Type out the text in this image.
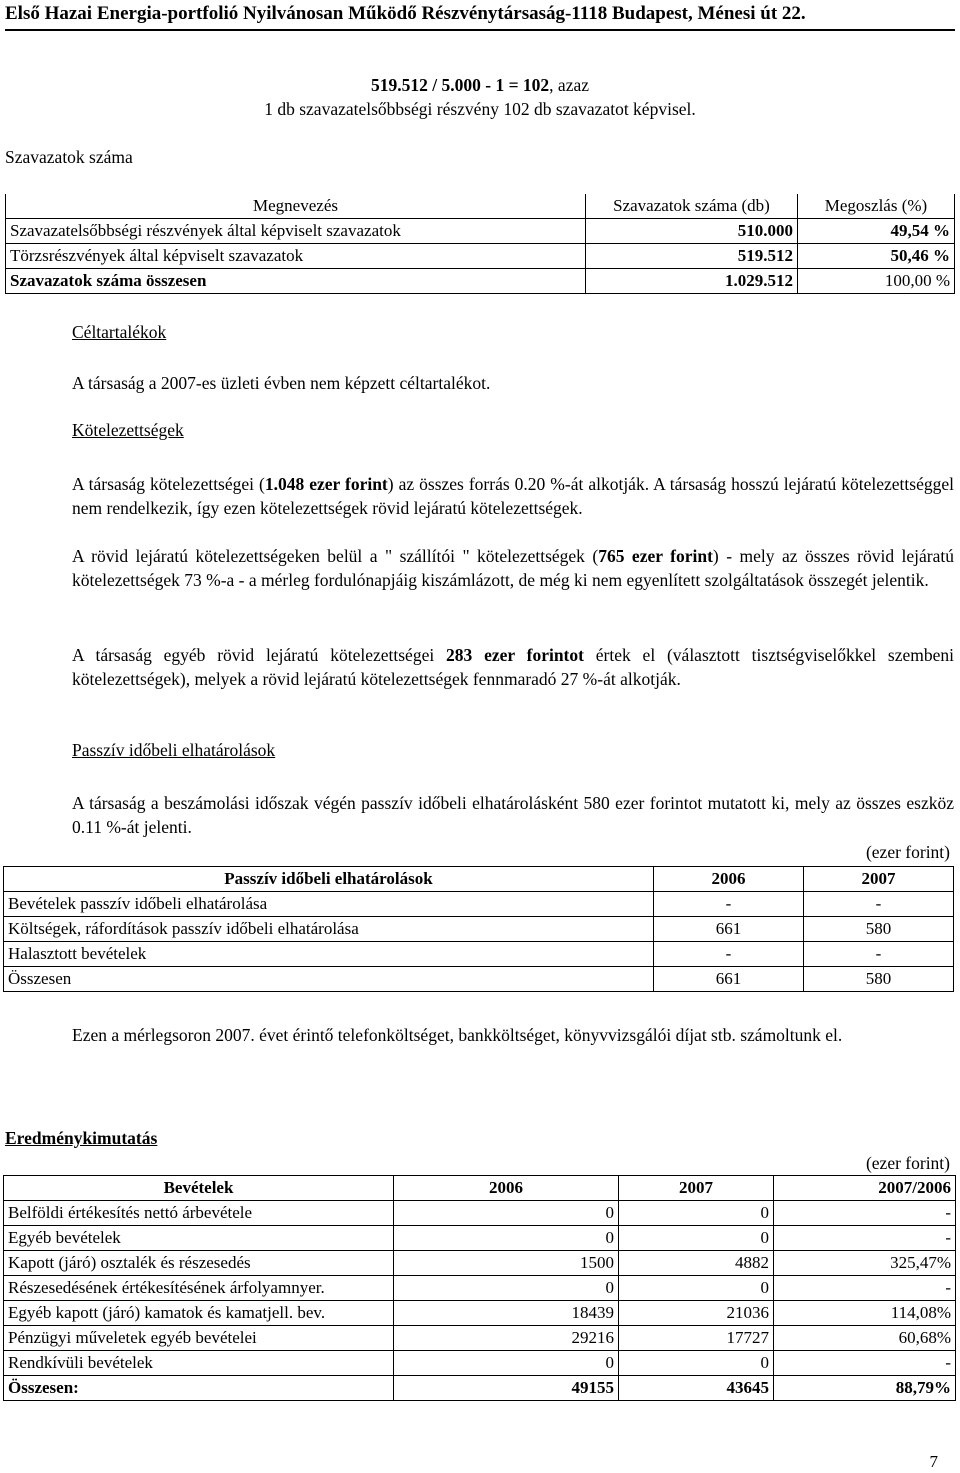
Első Hazai Energia-portfolió Nyilvánosan Működő Részvénytársaság-1118 Budapest, Ménesi út 22.
519.512 / 5.000 - 1 = 102, azaz
1 db szavazatelsőbbségi részvény 102 db szavazatot képvisel.
Szavazatok száma
Megnevezés	Szavazatok száma (db)	Megoszlás (%)
Szavazatelsőbbségi részvények által képviselt szavazatok	510.000	49,54 %
Törzsrészvények által képviselt szavazatok	519.512	50,46 %
Szavazatok száma összesen	1.029.512	100,00 %
Céltartalékok
A társaság a 2007-es üzleti évben nem képzett céltartalékot.
Kötelezettségek
A társaság kötelezettségei (1.048 ezer forint) az összes forrás 0.20 %-át alkotják. A társaság hosszú lejáratú kötelezettséggel nem rendelkezik, így ezen kötelezettségek rövid lejáratú kötelezettségek.
A rövid lejáratú kötelezettségeken belül a " szállítói " kötelezettségek (765 ezer forint) - mely az összes rövid lejáratú kötelezettségek 73 %-a - a mérleg fordulónapjáig kiszámlázott, de még ki nem egyenlített szolgáltatások összegét jelentik.
A társaság egyéb rövid lejáratú kötelezettségei 283 ezer forintot értek el (választott tisztségviselőkkel szembeni kötelezettségek), melyek a rövid lejáratú kötelezettségek fennmaradó 27 %-át alkotják.
Passzív időbeli elhatárolások
A társaság a beszámolási időszak végén passzív időbeli elhatárolásként 580 ezer forintot mutatott ki, mely az összes eszköz 0.11 %-át jelenti.
(ezer forint)
Passzív időbeli elhatárolások	2006	2007
Bevételek passzív időbeli elhatárolása	-	-
Költségek, ráfordítások passzív időbeli elhatárolása	661	580
Halasztott bevételek	-	-
Összesen	661	580
Ezen a mérlegsoron 2007. évet érintő telefonköltséget, bankköltséget, könyvvizsgálói díjat stb. számoltunk el.
Eredménykimutatás
(ezer forint)
Bevételek	2006	2007	2007/2006
Belföldi értékesítés nettó árbevétele	0	0	-
Egyéb bevételek	0	0	-
Kapott (járó) osztalék és részesedés	1500	4882	325,47%
Részesedésének értékesítésének árfolyamnyer.	0	0	-
Egyéb kapott (járó) kamatok és kamatjell. bev.	18439	21036	114,08%
Pénzügyi műveletek egyéb bevételei	29216	17727	60,68%
Rendkívüli bevételek	0	0	-
Összesen:	49155	43645	88,79%
7
